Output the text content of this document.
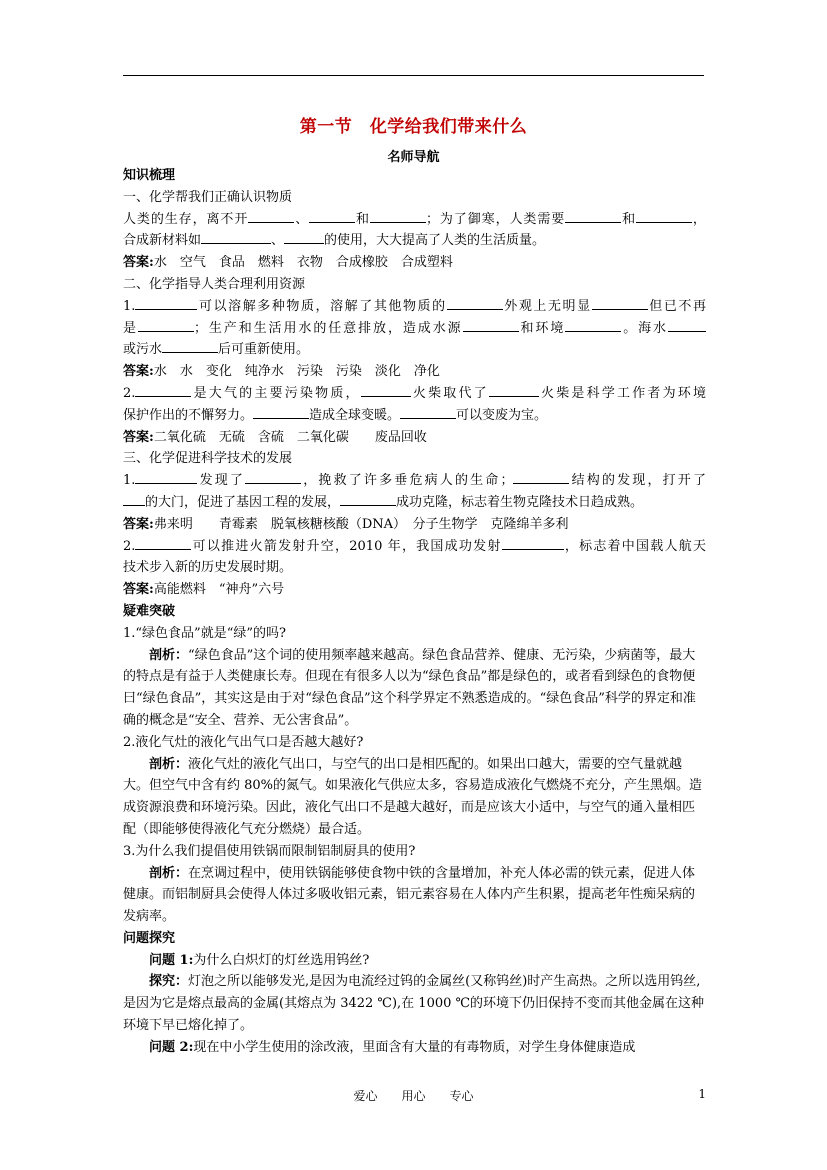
第一节　化学给我们带来什么
名师导航

知识梳理

一、化学帮我们正确认识物质

人类的生存，离不开	、	和	；为了御寒，人类需要	和	，

合成新材料如	、	的使用，大大提高了人类的生活质量。

答案:水　空气　食品　燃料　衣物　合成橡胶　合成塑料

二、化学指导人类合理利用资源

1.	可以溶解多种物质，溶解了其他物质的	外观上无明显	但已不再

是	；生产和生活用水的任意排放，造成水源	和环境	。海水

或污水	后可重新使用。

答案:水　水　变化　纯净水　污染　污染　淡化　净化

2.	是大气的主要污染物质，	火柴取代了	火柴是科学工作者为环境

保护作出的不懈努力。	造成全球变暖。	可以变废为宝。

答案:二氧化硫　无硫　含硫　二氧化碳　　废品回收

三、化学促进科学技术的发展

1.	发现了	，挽救了许多垂危病人的生命；	结构的发现，打开了

的大门，促进了基因工程的发展，	成功克隆，标志着生物克隆技术日趋成熟。

答案:弗来明　　青霉素　脱氧核糖核酸（DNA）　分子生物学　克隆绵羊多利

2.	可以推进火箭发射升空，2010 年，我国成功发射	，标志着中国载人航天

技术步入新的历史发展时期。

答案:高能燃料　“神舟”六号

疑难突破

1.“绿色食品”就是“绿”的吗?

剖析：“绿色食品”这个词的使用频率越来越高。绿色食品营养、健康、无污染，少病菌等，最大的特点是有益于人类健康长寿。但现在有很多人以为“绿色食品”都是绿色的，或者看到绿色的食物便曰“绿色食品”，其实这是由于对“绿色食品”这个科学界定不熟悉造成的。“绿色食品”科学的界定和准确的概念是“安全、营养、无公害食品”。

2.液化气灶的液化气出气口是否越大越好?

剖析：液化气灶的液化气出口，与空气的出口是相匹配的。如果出口越大，需要的空气量就越大。但空气中含有约 80%的氮气。如果液化气供应太多，容易造成液化气燃烧不充分，产生黑烟。造成资源浪费和环境污染。因此，液化气出口不是越大越好，而是应该大小适中，与空气的通入量相匹配（即能够使得液化气充分燃烧）最合适。

3.为什么我们提倡使用铁锅而限制铝制厨具的使用?

剖析：在烹调过程中，使用铁锅能够使食物中铁的含量增加，补充人体必需的铁元素，促进人体健康。而铝制厨具会使得人体过多吸收铝元素，铝元素容易在人体内产生积累，提高老年性痴呆病的发病率。

问题探究

问题 1:为什么白炽灯的灯丝选用钨丝?

探究：灯泡之所以能够发光,是因为电流经过钨的金属丝(又称钨丝)时产生高热。之所以选用钨丝,是因为它是熔点最高的金属(其熔点为 3422 ℃),在 1000 ℃的环境下仍旧保持不变而其他金属在这种环境下早已熔化掉了。

问题 2:现在中小学生使用的涂改液，里面含有大量的有毒物质，对学生身体健康造成

爱心　　用心　　专心	1
